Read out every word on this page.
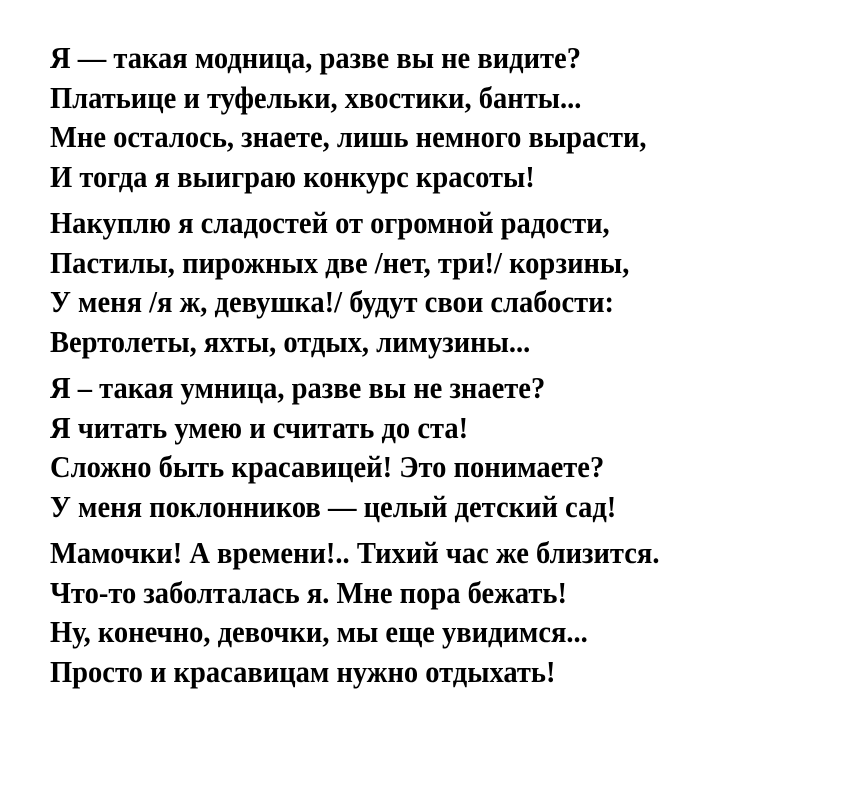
Я — такая модница, разве вы не видите?
Платьице и туфельки, хвостики, банты...
Мне осталось, знаете, лишь немного вырасти,
И тогда я выиграю конкурс красоты!
Накуплю я сладостей от огромной радости,
Пастилы, пирожных две /нет, три!/ корзины,
У меня /я ж, девушка!/ будут свои слабости:
Вертолеты, яхты, отдых, лимузины...
Я – такая умница, разве вы не знаете?
Я читать умею и считать до ста!
Сложно быть красавицей! Это понимаете?
У меня поклонников — целый детский сад!
Мамочки! А времени!.. Тихий час же близится.
Что-то заболталась я. Мне пора бежать!
Ну, конечно, девочки, мы еще увидимся...
Просто и красавицам нужно отдыхать!
